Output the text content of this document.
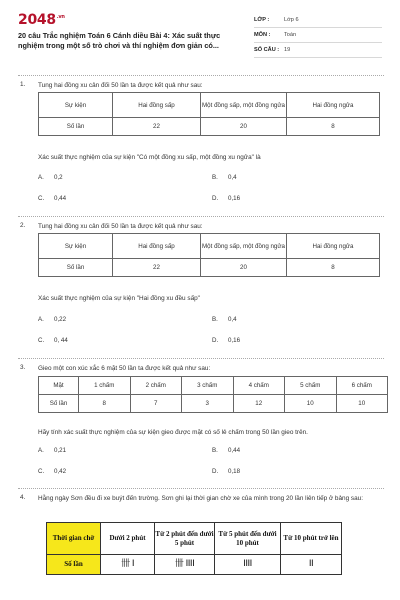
$2048^{.vn}$
20 câu Trắc nghiệm Toán 6 Cánh diều Bài 4: Xác suất thực nghiệm trong một số trò chơi và thí nghiệm đơn giản có...
LỚP :	Lớp 6
MÔN :	Toán
SỐ CÂU : 19
1. Tung hai đồng xu cân đối 50 lần ta được kết quả như sau:
Sự kiện	Hai đồng sấp	Một đồng sấp, một đồng ngửa	Hai đồng ngửa
Số lần	22	20	8
Xác suất thực nghiệm của sự kiện "Có một đồng xu sấp, một đồng xu ngửa" là
A. 0,2	B. 0,4
C. 0,44	D. 0,16
2. Tung hai đồng xu cân đối 50 lần ta được kết quả như sau:
Sự kiện	Hai đồng sấp	Một đồng sấp, một đồng ngửa	Hai đồng ngửa
Số lần	22	20	8
Xác suất thực nghiệm của sự kiện "Hai đồng xu đều sấp"
A. 0,22	B. 0,4
C. 0, 44	D. 0,16
3. Gieo một con xúc xắc 6 mặt 50 lần ta được kết quả như sau:
Mặt	1 chấm	2 chấm	3 chấm	4 chấm	5 chấm	6 chấm
Số lần	8	7	3	12	10	10
Hãy tính xác suất thực nghiệm của sự kiện gieo được mặt có số lẻ chấm trong 50 lần gieo trên.
A. 0,21	B. 0,44
C. 0,42	D. 0,18
4. Hằng ngày Sơn đều đi xe buýt đến trường. Sơn ghi lại thời gian chờ xe của mình trong 20 lần liên tiếp ở bảng sau:
Thời gian chờ	Dưới 2 phút	Từ 2 phút đến dưới 5 phút	Từ 5 phút đến dưới 10 phút	Từ 10 phút trở lên
Số lần	卌 I	卌 IIII	IIII	II
